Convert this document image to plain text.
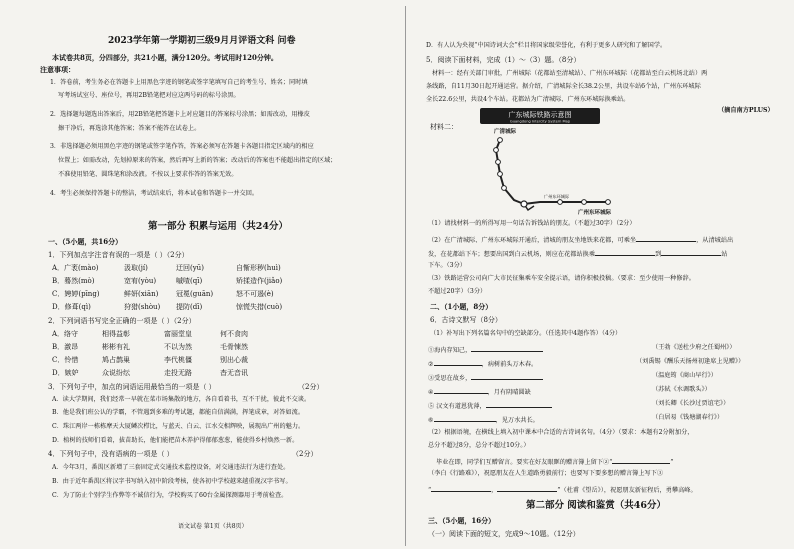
2023学年第一学期初三级9月月评语文科 问卷
本试卷共8页，分四部分，共21小题，满分120分。考试用时120分钟。
注意事项：
1．答卷前，考生务必在答题卡上用黑色字迹的钢笔或签字笔填写自己的考生号、姓名；同时填
写考场试室号、座位号，再用2B铅笔把对应这两号码的标号涂黑。
2．选择题每题选出答案后，用2B铅笔把答题卡上对应题目的答案标号涂黑；如需改动，用橡皮
擦干净后，再选涂其他答案；答案不能答在试卷上。
3．非选择题必须用黑色字迹的钢笔或签字笔作答，答案必须写在答题卡各题目指定区域内的相应
位置上；如需改动，先划掉原来的答案，然后再写上新的答案；改动后的答案也不能超出指定的区域；
不准使用铅笔、圆珠笔和涂改液。不按以上要求作答的答案无效。
4．考生必须保持答题卡的整洁，考试结束后，将本试卷和答题卡一并交回。
第一部分 积累与运用（共24分）
一、（5小题，共16分）
1．下列加点字注音有误的一项是（ ）（2分）
A．广袤(mào)	汲取(jí)	迂回(yū)	自惭形秽(huì)
B．蓦然(mò)	宽宥(yòu)	嘁喳(qī)	矫揉造作(jiǎo)
C．娉婷(pīng)	鲜妍(xiān)	冠冕(guān)	怒不可遏(è)
D．修葺(qì)	狩猎(shòu) 提防(dī)	惊慌失措(cuò)
2．下列词语书写完全正确的一项是（ ）（2分）
A．络守	相得益彰	富丽堂皇	何不食肉
B．激昂	彬彬有礼	不以为然	毛骨悚然
C．怜惜	鸠占鹊巢	李代桃僵	别出心裁
D．嫉妒	众说纷纭	走投无路	杳无音讯
3．下列句子中，加点的词语运用最恰当的一项是（ ）	（2分）
A．读大学期间，我们经常一早就在菜市场集散的地方，各自看着书，互不干扰，彼此不交谈。
B．他是我们班公认的学霸，不管遇到多难的考试题，都能自信满满，挥笔成章，对答如流。
C．珠江两岸一栋栋摩天大厦鳞次栉比，与蓝天、白云、江水交相辉映，展现出广州的魅力。
D．植树的技师们看着，拔苗助长，他们能把苗木养护得郁郁葱葱，能使得乡村焕然一新。
4．下列句子中，没有语病的一项是（ ）	（2分）
A．今年3月，番禺区新增了三套固定式交通技术监控设备，对交通违法行为进行查处。
B．由于近年番禺区将汉字书写纳入初中阶段考核，使各初中学校越来越重视汉字书写。
C．为了防止个别学生作弊等不诚信行为，学校购买了60台金属探测器用于考前检查。
语文试卷 第1页（共8页）
D．有人认为央视“中国诗词大会”栏目将国家级荣誉化，有利于更多人研究和了解国学。
5．阅读下面材料，完成（1）～（3）题。（8分）
材料一：经有关部门审批，广州城际（花都站至清城站）、广州东环城际（花都站至白云机场北站）两
条线路，自11月30日起开通运营。据介绍，广清城际全长38.2公里，共设车站6个站，广州东环城际
全长22.6公里，共设4个车站。花都站为广清城际、广州东环城际换乘站。
（摘自南方PLUS）
材料二：
广东城际铁路示意图
Guangdong Intercity System Map
广清城际
广州东环城际
广州东环城际
（1）请找材料一的所得写用一句话告诉钱站的朋友。（不超过30字）（2分）
（2）在广清城际、广州东环城际开通后，清城的朋友坐地铁来花都，可乘坐	，从清城站出
发，在花都站下车；想要出国到白云机场，则应在花都站换乘	到	站
下车。（3分）
（3）铁路运营公司向广大市民征集乘车安全提示语，请你积极投稿。（要求：至少使用一种修辞。
不超过20字）（3分）
二、（1小题，8分）
6．古诗文默写（8分）
（1）补写出下列名篇名句中的空缺部分。（任选其中4题作答）（4分）
①海内存知己，	（王勃《送杜少府之任蜀州》）
②	，病树前头万木春。	（刘禹锡《酬乐天扬州初逢席上见赠》）
③受思在故乡，	（温庭筠《商山早行》）
④	，月有阴晴圆缺	（苏轼《水调歌头》）
⑤ 汉文有道恩犹薄，	（刘长卿《长沙过贾谊宅》）
⑥	，见万水共长。	（白居易《钱塘湖春行》）
（2）根据语境，在横线上填入初中课本中合适的古诗词名句。（4分）（要求：本题有2分附加分，
总分不超过8分，总分不超过10分。）
毕业在即，同学们互赠留言。要实在好友眼眶的赠言簿上留下②“	”
（李白《行路难》），祝愿朋友在人生道路勇毅前行；也要写下要多想的赠言簿上写下③
“	，	”（杜甫《望岳》），祝愿朋友新征程后，勇攀高峰。
第二部分 阅读和鉴赏（共46分）
三、（5小题，16分）
（一）阅读下面的短文，完成9～10题。（12分）
